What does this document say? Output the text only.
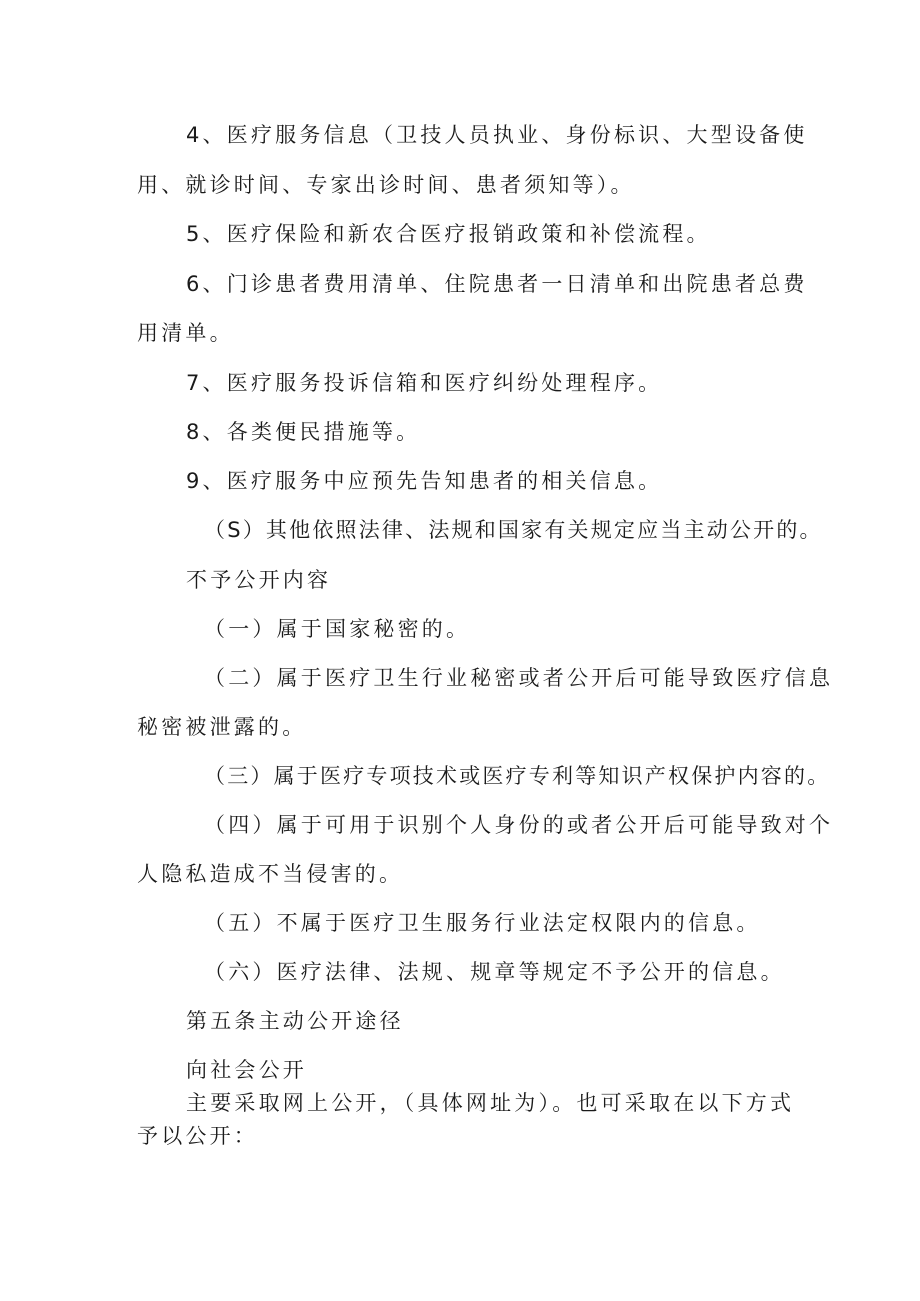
4、医疗服务信息（卫技人员执业、身份标识、大型设备使
用、就诊时间、专家出诊时间、患者须知等）。
5、医疗保险和新农合医疗报销政策和补偿流程。
6、门诊患者费用清单、住院患者一日清单和出院患者总费
用清单。
7、医疗服务投诉信箱和医疗纠纷处理程序。
8、各类便民措施等。
9、医疗服务中应预先告知患者的相关信息。
（S）其他依照法律、法规和国家有关规定应当主动公开的。
不予公开内容
（一）属于国家秘密的。
（二）属于医疗卫生行业秘密或者公开后可能导致医疗信息
秘密被泄露的。
（三）属于医疗专项技术或医疗专利等知识产权保护内容的。
（四）属于可用于识别个人身份的或者公开后可能导致对个
人隐私造成不当侵害的。
（五）不属于医疗卫生服务行业法定权限内的信息。
（六）医疗法律、法规、规章等规定不予公开的信息。
第五条主动公开途径
向社会公开
主要采取网上公开，（具体网址为）。也可采取在以下方式
予以公开：
